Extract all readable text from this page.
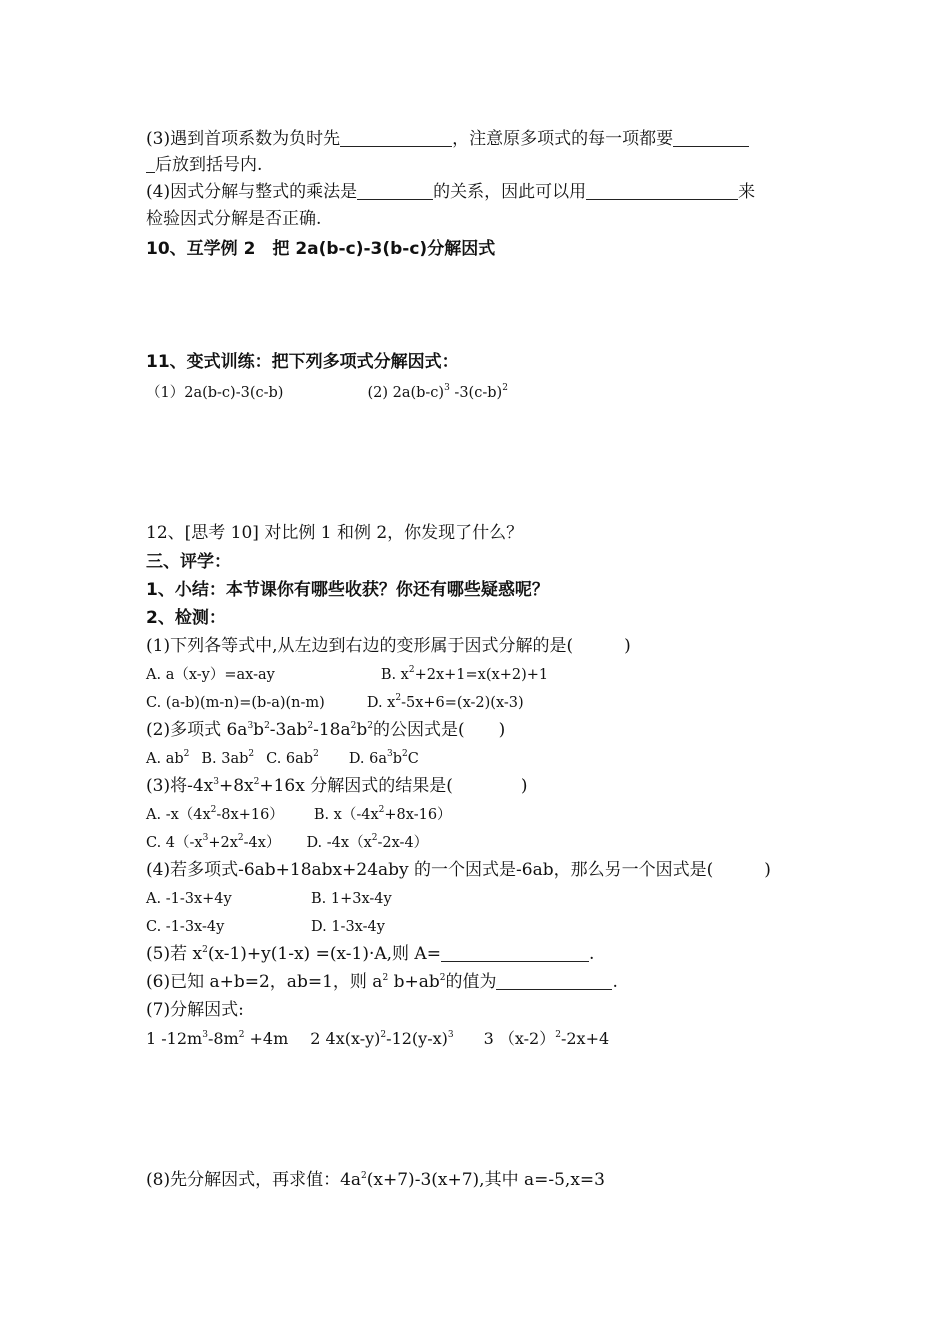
(3)遇到首项系数为负时先	，注意原多项式的每一项都要
后放到括号内.
(4)因式分解与整式的乘法是	的关系，因此可以用	来
检验因式分解是否正确.
10、互学例 2　把 2a(b-c)-3(b-c)分解因式
11、变式训练：把下列多项式分解因式：
（1）2a(b-c)-3(c-b)	(2) $2a(b-c)^3$ $-3(c-b)^2$
12、[思考 10] 对比例 1 和例 2，你发现了什么？
三、评学：
1、小结：本节课你有哪些收获？你还有哪些疑惑呢？
2、检测：
(1)下列各等式中,从左边到右边的变形属于因式分解的是(　　　)
A. a（x-y）=ax-ay	B. $x^2+2x+1=x(x+2)+1$
C. (a-b)(m-n)=(b-a)(n-m)	D. $x^2-5x+6=(x-2)(x-3)$
(2)多项式 $6a^3b^2-3ab^2-18a^2b^2$的公因式是(　　)
A. $ab^2$ B. $3ab^2$ C. $6ab^2$ D. $6a^3b^2C$
(3)将$-4x^3+8x^2+16x$ 分解因式的结果是(　　　　)
A. $-x(4x^2-8x+16)$ B. $x(-4x^2+8x-16)$
C. $4(-x^3+2x^2-4x)$ D. $-4x(x^2-2x-4)$
(4)若多项式-6ab+18abx+24aby 的一个因式是-6ab，那么另一个因式是(　　　)
A. -1-3x+4y	B. 1+3x-4y
C. -1-3x-4y	D. 1-3x-4y
(5)若 $x^2(x-1)+y(1-x) =(x-1)\cdot A$,则 A=	.
(6)已知 a+b=2，ab=1，则 $a^2$ $b+ab^2$的值为	.
(7)分解因式:
1 $-12m^3-8m^2 +4m$ 2 $4x(x-y)^2-12(y-x)^3$ 3 $(x-2)^2-2x+4$
(8)先分解因式，再求值：$4a^2(x+7)-3(x+7)$,其中 a=-5,x=3
